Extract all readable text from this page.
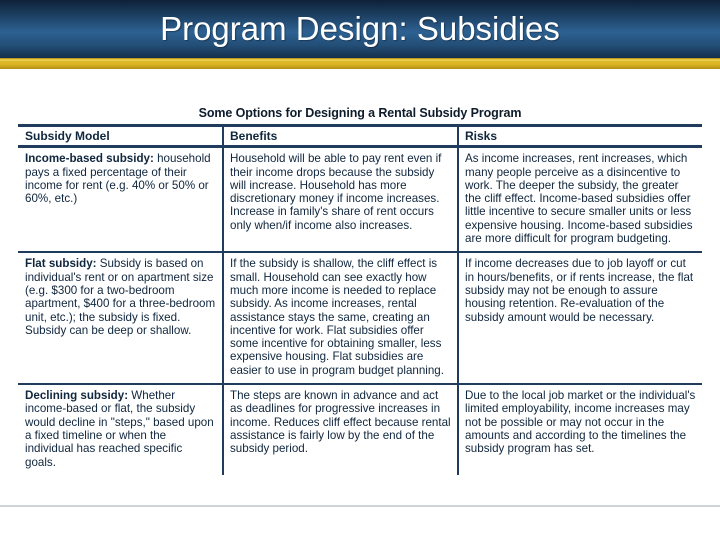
Program Design: Subsidies
Some Options for Designing a Rental Subsidy Program
Subsidy Model	Benefits	Risks
Income-based subsidy: household pays a fixed percentage of their income for rent (e.g. 40% or 50% or 60%, etc.)	Household will be able to pay rent even if their income drops because the subsidy will increase. Household has more discretionary money if income increases. Increase in family's share of rent occurs only when/if income also increases.	As income increases, rent increases, which many people perceive as a disincentive to work. The deeper the subsidy, the greater the cliff effect. Income-based subsidies offer little incentive to secure smaller units or less expensive housing. Income-based subsidies are more difficult for program budgeting.
Flat subsidy: Subsidy is based on individual's rent or on apartment size (e.g. $300 for a two-bedroom apartment, $400 for a three-bedroom unit, etc.); the subsidy is fixed. Subsidy can be deep or shallow.	If the subsidy is shallow, the cliff effect is small. Household can see exactly how much more income is needed to replace subsidy. As income increases, rental assistance stays the same, creating an incentive for work. Flat subsidies offer some incentive for obtaining smaller, less expensive housing. Flat subsidies are easier to use in program budget planning.	If income decreases due to job layoff or cut in hours/benefits, or if rents increase, the flat subsidy may not be enough to assure housing retention. Re-evaluation of the subsidy amount would be necessary.
Declining subsidy: Whether income-based or flat, the subsidy would decline in "steps," based upon a fixed timeline or when the individual has reached specific goals.	The steps are known in advance and act as deadlines for progressive increases in income. Reduces cliff effect because rental assistance is fairly low by the end of the subsidy period.	Due to the local job market or the individual's limited employability, income increases may not be possible or may not occur in the amounts and according to the timelines the subsidy program has set.
